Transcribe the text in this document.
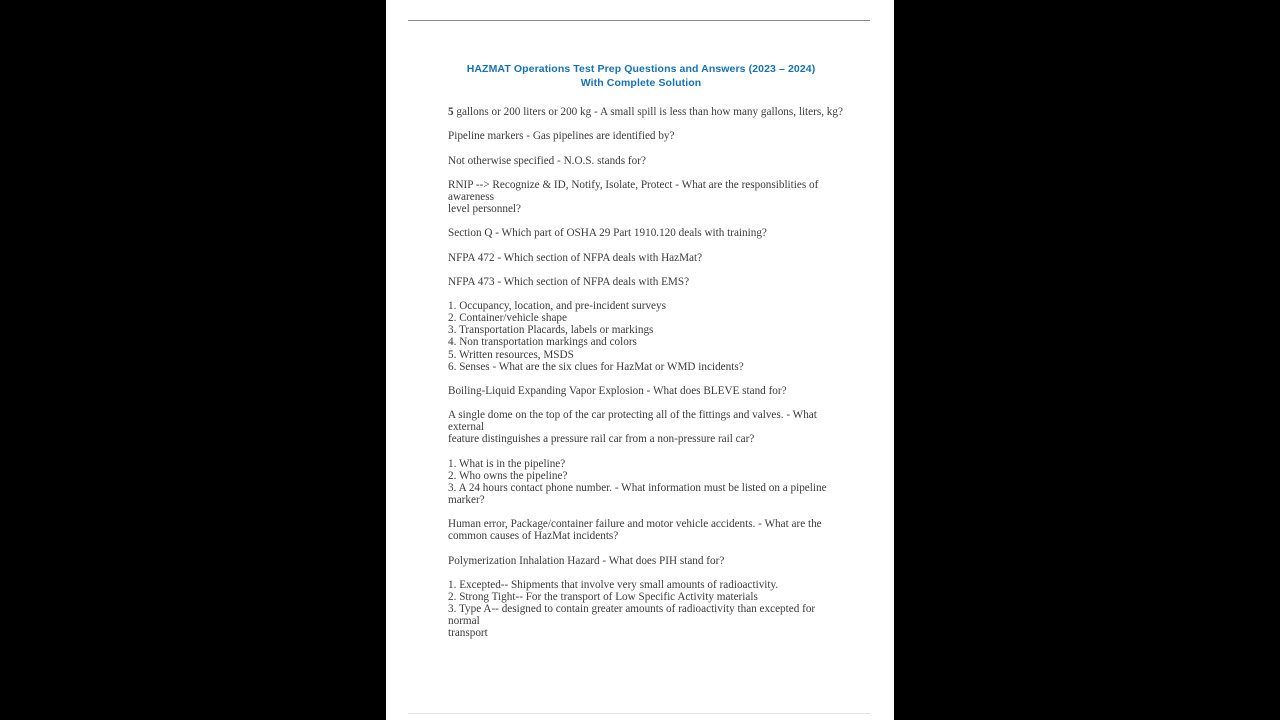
HAZMAT Operations Test Prep Questions and Answers (2023 – 2024)
With Complete Solution

5 gallons or 200 liters or 200 kg - A small spill is less than how many gallons, liters, kg?

Pipeline markers - Gas pipelines are identified by?

Not otherwise specified - N.O.S. stands for?

RNIP --> Recognize & ID, Notify, Isolate, Protect - What are the responsiblities of awareness
level personnel?

Section Q - Which part of OSHA 29 Part 1910.120 deals with training?

NFPA 472 - Which section of NFPA deals with HazMat?

NFPA 473 - Which section of NFPA deals with EMS?

1. Occupancy, location, and pre-incident surveys
2. Container/vehicle shape
3. Transportation Placards, labels or markings
4. Non transportation markings and colors
5. Written resources, MSDS
6. Senses - What are the six clues for HazMat or WMD incidents?

Boiling-Liquid Expanding Vapor Explosion - What does BLEVE stand for?

A single dome on the top of the car protecting all of the fittings and valves. - What external
feature distinguishes a pressure rail car from a non-pressure rail car?

1. What is in the pipeline?
2. Who owns the pipeline?
3. A 24 hours contact phone number. - What information must be listed on a pipeline
marker?

Human error, Package/container failure and motor vehicle accidents. - What are the
common causes of HazMat incidents?

Polymerization Inhalation Hazard - What does PIH stand for?

1. Excepted-- Shipments that involve very small amounts of radioactivity.
2. Strong Tight-- For the transport of Low Specific Activity materials
3. Type A-- designed to contain greater amounts of radioactivity than excepted for normal
transport
